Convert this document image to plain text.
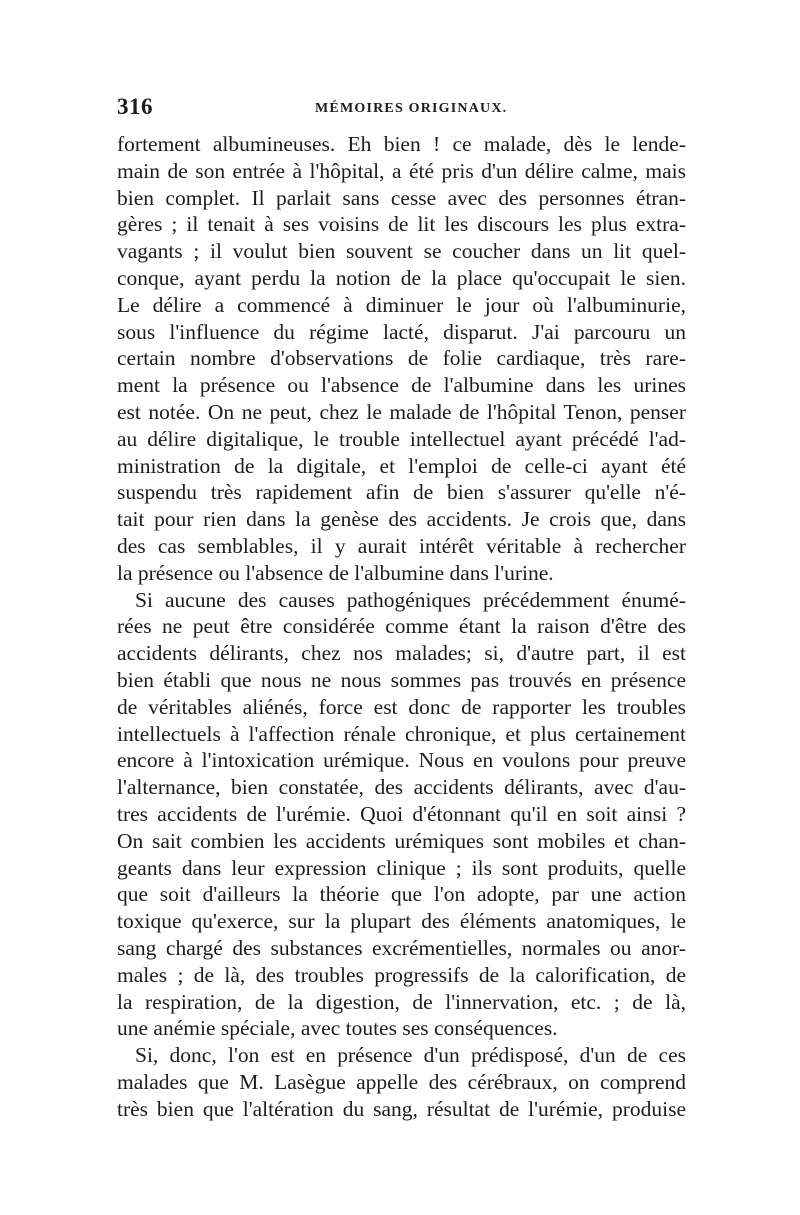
316	MÉMOIRES ORIGINAUX.
fortement albumineuses. Eh bien ! ce malade, dès le lende-
main de son entrée à l'hôpital, a été pris d'un délire calme, mais
bien complet. Il parlait sans cesse avec des personnes étran-
gères ; il tenait à ses voisins de lit les discours les plus extra-
vagants ; il voulut bien souvent se coucher dans un lit quel-
conque, ayant perdu la notion de la place qu'occupait le sien.
Le délire a commencé à diminuer le jour où l'albuminurie,
sous l'influence du régime lacté, disparut. J'ai parcouru un
certain nombre d'observations de folie cardiaque, très rare-
ment la présence ou l'absence de l'albumine dans les urines
est notée. On ne peut, chez le malade de l'hôpital Tenon, penser
au délire digitalique, le trouble intellectuel ayant précédé l'ad-
ministration de la digitale, et l'emploi de celle-ci ayant été
suspendu très rapidement afin de bien s'assurer qu'elle n'é-
tait pour rien dans la genèse des accidents. Je crois que, dans
des cas semblables, il y aurait intérêt véritable à rechercher
la présence ou l'absence de l'albumine dans l'urine.
Si aucune des causes pathogéniques précédemment énumé-
rées ne peut être considérée comme étant la raison d'être des
accidents délirants, chez nos malades; si, d'autre part, il est
bien établi que nous ne nous sommes pas trouvés en présence
de véritables aliénés, force est donc de rapporter les troubles
intellectuels à l'affection rénale chronique, et plus certainement
encore à l'intoxication urémique. Nous en voulons pour preuve
l'alternance, bien constatée, des accidents délirants, avec d'au-
tres accidents de l'urémie. Quoi d'étonnant qu'il en soit ainsi ?
On sait combien les accidents urémiques sont mobiles et chan-
geants dans leur expression clinique ; ils sont produits, quelle
que soit d'ailleurs la théorie que l'on adopte, par une action
toxique qu'exerce, sur la plupart des éléments anatomiques, le
sang chargé des substances excrémentielles, normales ou anor-
males ; de là, des troubles progressifs de la calorification, de
la respiration, de la digestion, de l'innervation, etc. ; de là,
une anémie spéciale, avec toutes ses conséquences.
Si, donc, l'on est en présence d'un prédisposé, d'un de ces
malades que M. Lasègue appelle des cérébraux, on comprend
très bien que l'altération du sang, résultat de l'urémie, produise
